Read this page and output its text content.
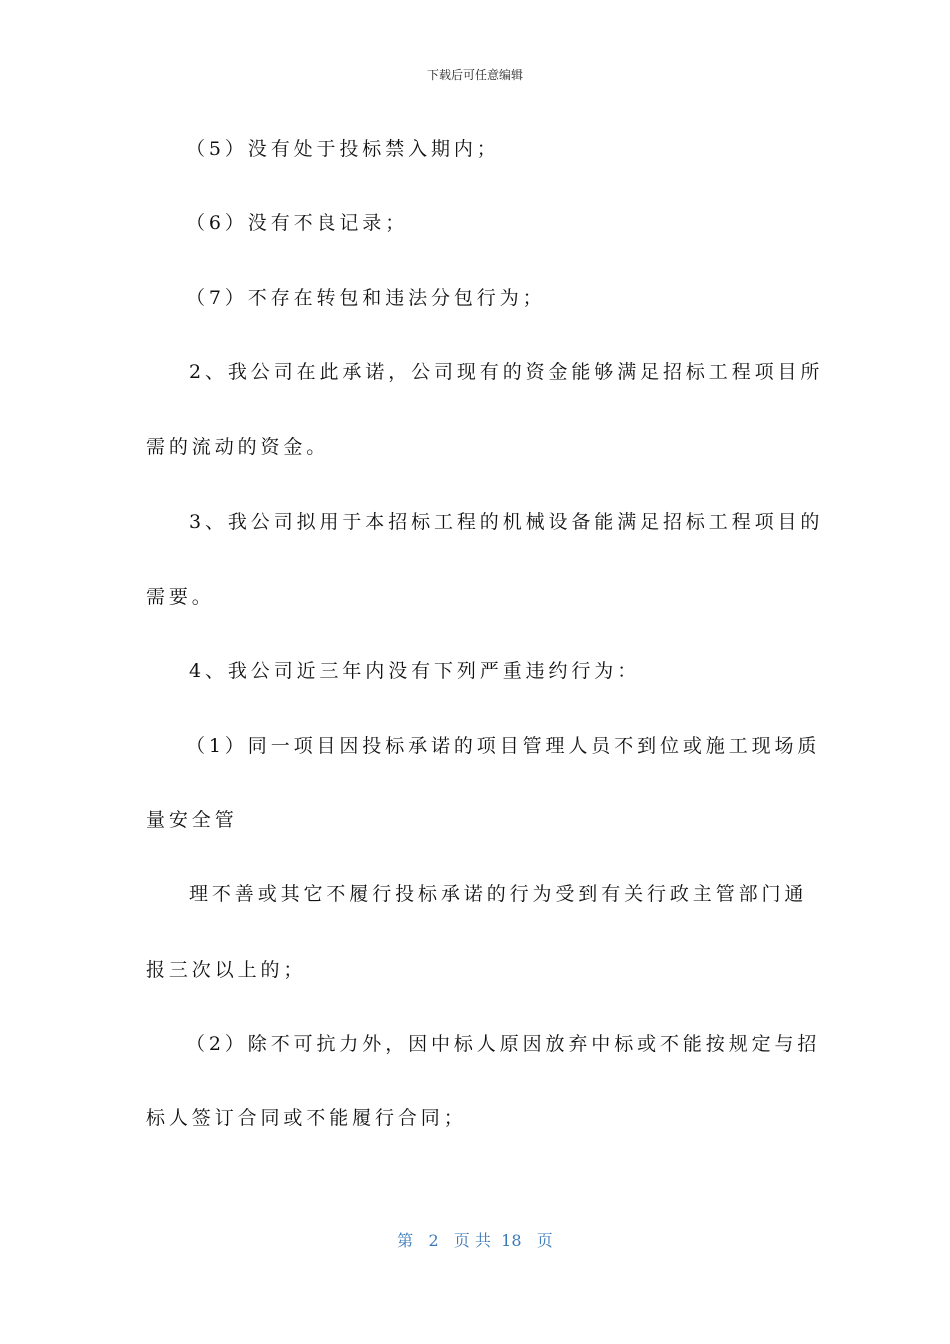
下载后可任意编辑
（5）没有处于投标禁入期内；
（6）没有不良记录；
（7）不存在转包和违法分包行为；
2、我公司在此承诺，公司现有的资金能够满足招标工程项目所
需的流动的资金。
3、我公司拟用于本招标工程的机械设备能满足招标工程项目的
需要。
4、我公司近三年内没有下列严重违约行为：
（1）同一项目因投标承诺的项目管理人员不到位或施工现场质
量安全管
理不善或其它不履行投标承诺的行为受到有关行政主管部门通
报三次以上的；
（2）除不可抗力外，因中标人原因放弃中标或不能按规定与招
标人签订合同或不能履行合同；
第 2 页 共 18 页
